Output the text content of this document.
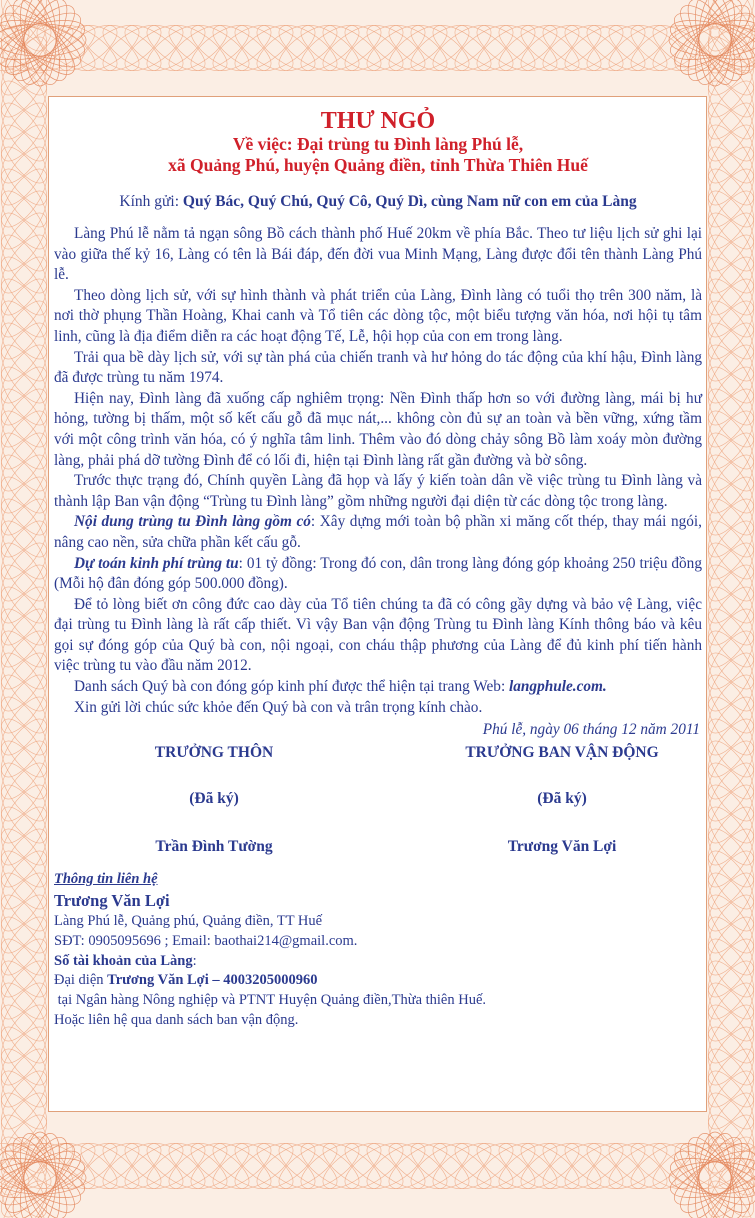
THƯ NGỎ
Về việc: Đại trùng tu Đình làng Phú lễ,
xã Quảng Phú, huyện Quảng điền, tỉnh Thừa Thiên Huế
Kính gửi: Quý Bác, Quý Chú, Quý Cô, Quý Dì, cùng Nam nữ con em của Làng

Làng Phú lễ nằm tả ngạn sông Bồ cách thành phố Huế 20km về phía Bắc. Theo tư liệu lịch sử ghi lại vào giữa thế kỷ 16, Làng có tên là Bái đáp, đến đời vua Minh Mạng, Làng được đổi tên thành Làng Phú lễ.

Theo dòng lịch sử, với sự hình thành và phát triển của Làng, Đình làng có tuổi thọ trên 300 năm, là nơi thờ phụng Thần Hoàng, Khai canh và Tổ tiên các dòng tộc, một biểu tượng văn hóa, nơi hội tụ tâm linh, cũng là địa điểm diễn ra các hoạt động Tế, Lễ, hội họp của con em trong làng.

Trải qua bề dày lịch sử, với sự tàn phá của chiến tranh và hư hỏng do tác động của khí hậu, Đình làng đã được trùng tu năm 1974.

Hiện nay, Đình làng đã xuống cấp nghiêm trọng: Nền Đình thấp hơn so với đường làng, mái bị hư hỏng, tường bị thấm, một số kết cấu gỗ đã mục nát,... không còn đủ sự an toàn và bền vững, xứng tầm với một công trình văn hóa, có ý nghĩa tâm linh. Thêm vào đó dòng chảy sông Bồ làm xoáy mòn đường làng, phải phá dỡ tường Đình để có lối đi, hiện tại Đình làng rất gần đường và bờ sông.

Trước thực trạng đó, Chính quyền Làng đã họp và lấy ý kiến toàn dân về việc trùng tu Đình làng và thành lập Ban vận động “Trùng tu Đình làng” gồm những người đại diện từ các dòng tộc trong làng.

Nội dung trùng tu Đình làng gồm có: Xây dựng mới toàn bộ phần xi măng cốt thép, thay mái ngói, nâng cao nền, sửa chữa phần kết cấu gỗ.

Dự toán kinh phí trùng tu: 01 tỷ đồng: Trong đó con, dân trong làng đóng góp khoảng 250 triệu đồng (Mỗi hộ đân đóng góp 500.000 đồng).

Để tỏ lòng biết ơn công đức cao dày của Tổ tiên chúng ta đã có công gầy dựng và bảo vệ Làng, việc đại trùng tu Đình làng là rất cấp thiết. Vì vậy Ban vận động Trùng tu Đình làng Kính thông báo và kêu gọi sự đóng góp của Quý bà con, nội ngoại, con cháu thập phương của Làng để đủ kinh phí tiến hành việc trùng tu vào đầu năm 2012.

Danh sách Quý bà con đóng góp kinh phí được thể hiện tại trang Web: langphule.com.

Xin gửi lời chúc sức khỏe đến Quý bà con và trân trọng kính chào.

Phú lễ, ngày 06 tháng 12 năm 2011
TRƯỞNG THÔN	TRƯỞNG BAN VẬN ĐỘNG
(Đã ký)	(Đã ký)
Trần Đình Tường	Trương Văn Lợi
Thông tin liên hệ
Trương Văn Lợi
Làng Phú lễ, Quảng phú, Quảng điền, TT Huế
SĐT: 0905095696 ; Email: baothai214@gmail.com.
Số tài khoản của Làng:
Đại diện Trương Văn Lợi – 4003205000960
tại Ngân hàng Nông nghiệp và PTNT Huyện Quảng điền,Thừa thiên Huế.
Hoặc liên hệ qua danh sách ban vận động.
